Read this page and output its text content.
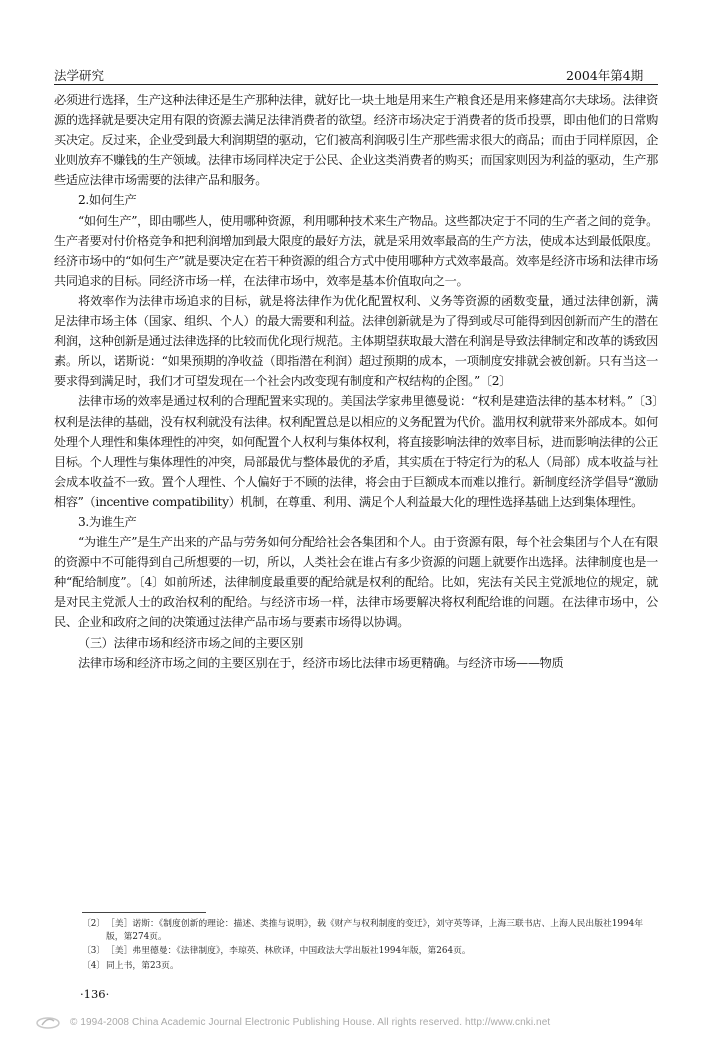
法学研究	2004年第4期

必须进行选择，生产这种法律还是生产那种法律，就好比一块土地是用来生产粮食还是用来修建高尔夫球场。法律资源的选择就是要决定用有限的资源去满足法律消费者的欲望。经济市场决定于消费者的货币投票，即由他们的日常购买决定。反过来，企业受到最大利润期望的驱动，它们被高利润吸引生产那些需求很大的商品；而由于同样原因，企业则放弃不赚钱的生产领域。法律市场同样决定于公民、企业这类消费者的购买；而国家则因为利益的驱动，生产那些适应法律市场需要的法律产品和服务。

2.如何生产

“如何生产”，即由哪些人，使用哪种资源，利用哪种技术来生产物品。这些都决定于不同的生产者之间的竞争。生产者要对付价格竞争和把利润增加到最大限度的最好方法，就是采用效率最高的生产方法，使成本达到最低限度。经济市场中的“如何生产”就是要决定在若干种资源的组合方式中使用哪种方式效率最高。效率是经济市场和法律市场共同追求的目标。同经济市场一样，在法律市场中，效率是基本价值取向之一。

将效率作为法律市场追求的目标，就是将法律作为优化配置权利、义务等资源的函数变量，通过法律创新，满足法律市场主体（国家、组织、个人）的最大需要和利益。法律创新就是为了得到或尽可能得到因创新而产生的潜在利润，这种创新是通过法律选择的比较而优化现行规范。主体期望获取最大潜在利润是导致法律制定和改革的诱致因素。所以，诺斯说：“如果预期的净收益（即指潜在利润）超过预期的成本，一项制度安排就会被创新。只有当这一要求得到满足时，我们才可望发现在一个社会内改变现有制度和产权结构的企图。”〔2〕

法律市场的效率是通过权利的合理配置来实现的。美国法学家弗里德曼说：“权利是建造法律的基本材料。”〔3〕权利是法律的基础，没有权利就没有法律。权利配置总是以相应的义务配置为代价。滥用权利就带来外部成本。如何处理个人理性和集体理性的冲突，如何配置个人权利与集体权利，将直接影响法律的效率目标，进而影响法律的公正目标。个人理性与集体理性的冲突，局部最优与整体最优的矛盾，其实质在于特定行为的私人（局部）成本收益与社会成本收益不一致。置个人理性、个人偏好于不顾的法律，将会由于巨额成本而难以推行。新制度经济学倡导“激励相容”（incentive compatibility）机制，在尊重、利用、满足个人利益最大化的理性选择基础上达到集体理性。

3.为谁生产

“为谁生产”是生产出来的产品与劳务如何分配给社会各集团和个人。由于资源有限，每个社会集团与个人在有限的资源中不可能得到自己所想要的一切，所以，人类社会在谁占有多少资源的问题上就要作出选择。法律制度也是一种“配给制度”。〔4〕如前所述，法律制度最重要的配给就是权利的配给。比如，宪法有关民主党派地位的规定，就是对民主党派人士的政治权利的配给。与经济市场一样，法律市场要解决将权利配给谁的问题。在法律市场中，公民、企业和政府之间的决策通过法律产品市场与要素市场得以协调。

（三）法律市场和经济市场之间的主要区别

法律市场和经济市场之间的主要区别在于，经济市场比法律市场更精确。与经济市场——物质

〔2〕 ［美］诺斯：《制度创新的理论：描述、类推与说明》，载《财产与权利制度的变迁》，刘守英等译，上海三联书店、上海人民出版社1994年版，第274页。
〔3〕 ［美］弗里德曼：《法律制度》，李琼英、林欣译，中国政法大学出版社1994年版，第264页。
〔4〕 同上书，第23页。
·136·
© 1994-2008 China Academic Journal Electronic Publishing House. All rights reserved. http://www.cnki.net
